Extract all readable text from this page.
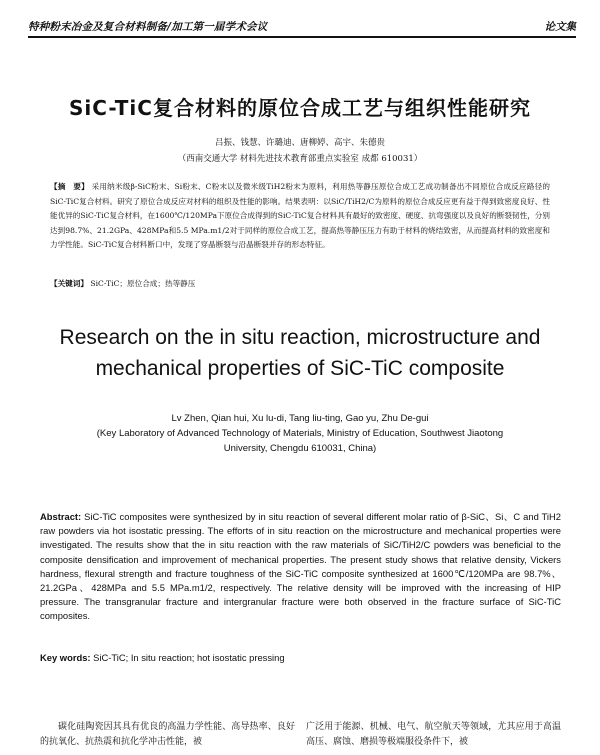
特种粉末冶金及复合材料制备/加工第一届学术会议	论文集
SiC-TiC复合材料的原位合成工艺与组织性能研究
吕振、钱慧、许璐迪、唐柳婷、高宇、朱德贵
（西南交通大学 材料先进技术教育部重点实验室 成都 610031）
【摘　要】 采用纳米级β-SiC粉末、Si粉末、C粉末以及微米级TiH2粉末为原料，利用热等静压原位合成工艺成功制备出不同原位合成反应路径的SiC-TiC复合材料。研究了原位合成反应对材料的组织及性能的影响。结果表明：以SiC/TiH2/C为原料的原位合成反应更有益于得到致密度良好、性能优异的SiC-TiC复合材料，在1600℃/120MPa下原位合成得到的SiC-TiC复合材料具有最好的致密度、硬度、抗弯强度以及良好的断裂韧性，分别达到98.7%、21.2GPa、428MPa和5.5 MPa.m1/2对于同样的原位合成工艺，提高热等静压压力有助于材料的烧结致密，从而提高材料的致密度和力学性能。SiC-TiC复合材料断口中，发现了穿晶断裂与沿晶断裂并存的形态特征。
【关键词】 SiC-TiC；原位合成；热等静压
Research on the in situ reaction, microstructure and mechanical properties of SiC-TiC composite
Lv Zhen, Qian hui, Xu lu-di, Tang liu-ting, Gao yu, Zhu De-gui
(Key Laboratory of Advanced Technology of Materials, Ministry of Education, Southwest Jiaotong University, Chengdu 610031, China)
Abstract: SiC-TiC composites were synthesized by in situ reaction of several different molar ratio of β-SiC、Si、C and TiH2 raw powders via hot isostatic pressing. The efforts of in situ reaction on the microstructure and mechanical properties were investigated. The results show that the in situ reaction with the raw materials of SiC/TiH2/C powders was beneficial to the composite densification and improvement of mechanical properties. The present study shows that relative density, Vickers hardness, flexural strength and fracture toughness of the SiC-TiC composite synthesized at 1600℃/120MPa are 98.7%、21.2GPa、428MPa and 5.5 MPa.m1/2, respectively. The relative density will be improved with the increasing of HIP pressure. The transgranular fracture and intergranular fracture were both observed in the fracture surface of SiC-TiC composites.
Key words: SiC-TiC; In situ reaction; hot isostatic pressing
碳化硅陶瓷因其具有优良的高温力学性能、高导热率、良好的抗氧化、抗热震和抗化学冲击性能，被
广泛用于能源、机械、电气、航空航天等领域，尤其应用于高温高压、腐蚀、磨损等极端服役条件下，被
